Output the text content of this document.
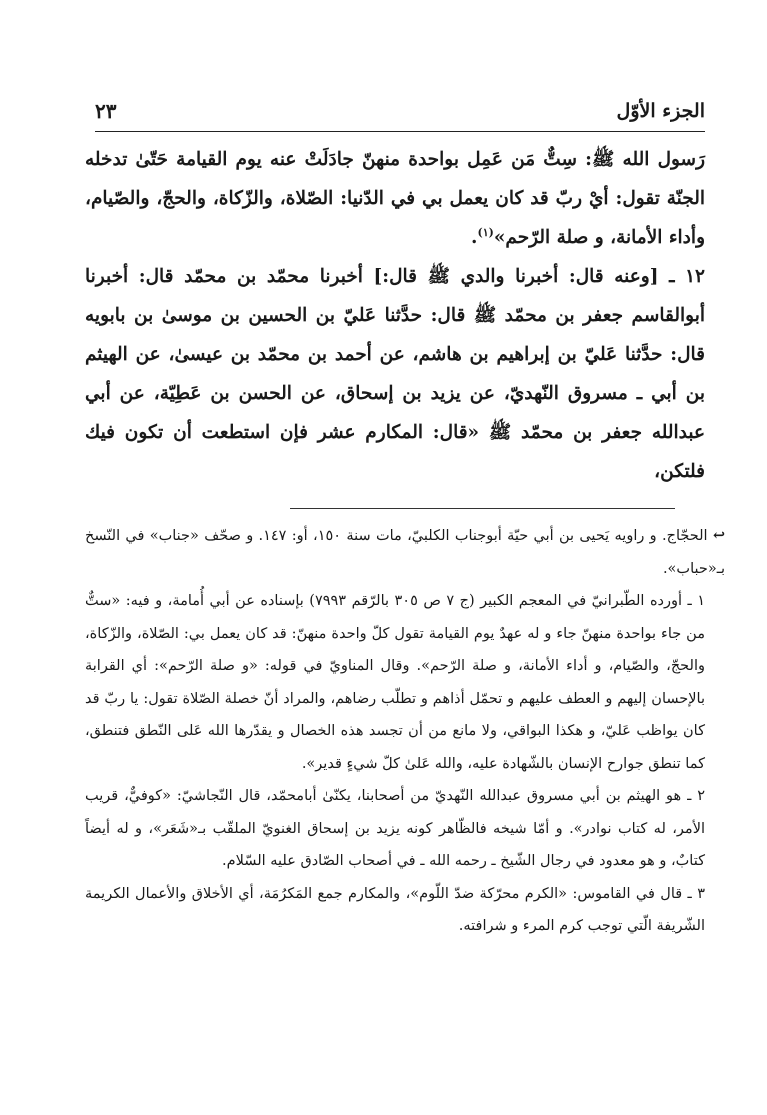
الجزء الأوّل
٢٣

رَسول الله ﷺ: سِتٌّ مَن عَمِل بواحدة منهنّ جادَلَتْ عنه يوم القيامة حَتّىٰ تدخله الجنّة تقول: أيْ ربّ قد كان يعمل بي في الدّنيا: الصّلاة، والزّكاة، والحجّ، والصّيام، وأداء الأمانة، و صلة الرّحم»$^{(١)}$.

١٢ ـ [وعنه قال: أخبرنا والدي ﷺ قال:] أخبرنا محمّد بن محمّد قال: أخبرنا أبوالقاسم جعفر بن محمّد ﷺ قال: حدَّثنا عَليّ بن الحسين بن موسىٰ بن بابويه قال: حدَّثنا عَليّ بن إبراهيم بن هاشم، عن أحمد بن محمّد بن عيسىٰ، عن الهيثم بن أبي ـ مسروق النّهديّ، عن يزيد بن إسحاق، عن الحسن بن عَطِيّة، عن أبي عبدالله جعفر بن محمّد ﷺ «قال: المكارم عشر فإن استطعت أن تكون فيك فلتكن،

↩ الحجّاج. و راويه يَحيى بن أبي حيّة أبوجناب الكلبيّ، مات سنة ١٥٠، أو: ١٤٧. و صحّف «جناب» في النّسخ بـ«حباب».

١ ـ أورده الطّبرانيّ في المعجم الكبير (ج ٧ ص ٣٠٥ بالرّقم ٧٩٩٣) بإسناده عن أبي أُمامة، و فيه: «ستٌّ من جاء بواحدة منهنّ جاء و له عهدٌ يوم القيامة تقول كلّ واحدة منهنّ: قد كان يعمل بي: الصّلاة، والزّكاة، والحجّ، والصّيام، و أداء الأمانة، و صلة الرّحم». وقال المناويّ في قوله: «و صلة الرّحم»: أي القرابة بالإحسان إليهم و العطف عليهم و تحمّل أذاهم و تطلّب رضاهم، والمراد أنّ خصلة الصّلاة تقول: يا ربّ قد كان يواظب عَليّ، و هكذا البواقي، ولا مانع من أن تجسد هذه الخصال و يقدّرها الله عَلى النّطق فتنطق، كما تنطق جوارح الإنسان بالشّهادة عليه، والله عَلىٰ كلّ شيءٍ قدير».

٢ ـ هو الهيثم بن أبي مسروق عبدالله النّهديّ من أصحابنا، يكنّىٰ أبامحمّد، قال النّجاشيّ: «كوفيٌّ، قريب الأمر، له كتاب نوادر». و أمّا شيخه فالظّاهر كونه يزيد بن إسحاق الغنويّ الملقّب بـ«شَعَر»، و له أيضاً كتابٌ، و هو معدود في رجال الشّيخ ـ رحمه الله ـ في أصحاب الصّادق عليه السّلام.

٣ ـ قال في القاموس: «الكرم محرّكة ضدّ اللّوم»، والمكارم جمع المَكرُمَة، أي الأخلاق والأعمال الكريمة الشّريفة الّتي توجب كرم المرء و شرافته.
